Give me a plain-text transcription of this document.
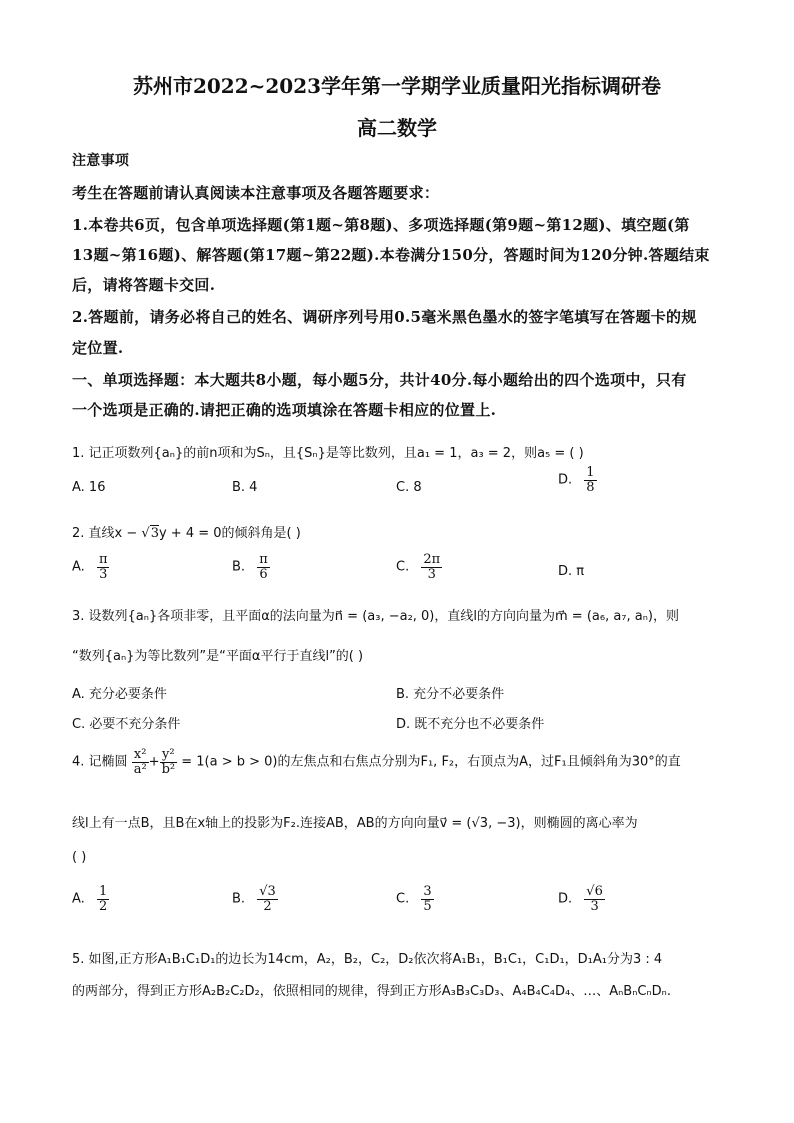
苏州市2022~2023学年第一学期学业质量阳光指标调研卷
高二数学
注意事项
考生在答题前请认真阅读本注意事项及各题答题要求：
1.本卷共6页，包含单项选择题(第1题~第8题)、多项选择题(第9题~第12题)、填空题(第
13题~第16题)、解答题(第17题~第22题).本卷满分150分，答题时间为120分钟.答题结束
后，请将答题卡交回.
2.答题前，请务必将自己的姓名、调研序列号用0.5毫米黑色墨水的签字笔填写在答题卡的规
定位置.
一、单项选择题：本大题共8小题，每小题5分，共计40分.每小题给出的四个选项中，只有
一个选项是正确的.请把正确的选项填涂在答题卡相应的位置上.
1. 记正项数列{aₙ}的前n项和为Sₙ，且{Sₙ}是等比数列，且a₁ = 1，a₃ = 2，则a₅ = ( )
A. 16	B. 4	C. 8	D. $\frac{1}{8}$
2. 直线x − √3y + 4 = 0的倾斜角是( )
A. $\frac{\pi}{3}$	B. $\frac{\pi}{6}$	C. $\frac{2\pi}{3}$	D. π
3. 设数列{aₙ}各项非零，且平面α的法向量为n⃗ = (a₃, −a₂, 0)，直线l的方向向量为m⃗ = (a₆, a₇, aₙ)，则
“数列{aₙ}为等比数列”是“平面α平行于直线l”的( )
A. 充分必要条件	B. 充分不必要条件
C. 必要不充分条件	D. 既不充分也不必要条件
4. 记椭圆 $\frac{\text{x²}}{\text{a²}} + \frac{\text{y²}}{\text{b²}} = 1(a > b > 0)$的左焦点和右焦点分别为F₁, F₂，右顶点为A，过F₁且倾斜角为30°的直
线l上有一点B，且B在x轴上的投影为F₂.连接AB，AB的方向向量v⃗ = (√3, −3)，则椭圆的离心率为
( )
A. $\frac{1}{2}$	B. $\frac{√3}{2}$	C. $\frac{3}{5}$	D. $\frac{√6}{3}$
5. 如图,正方形A₁B₁C₁D₁的边长为14cm，A₂，B₂，C₂，D₂依次将A₁B₁，B₁C₁，C₁D₁，D₁A₁分为3 : 4
的两部分，得到正方形A₂B₂C₂D₂，依照相同的规律，得到正方形A₃B₃C₃D₃、A₄B₄C₄D₄、…、AₙBₙCₙDₙ.
